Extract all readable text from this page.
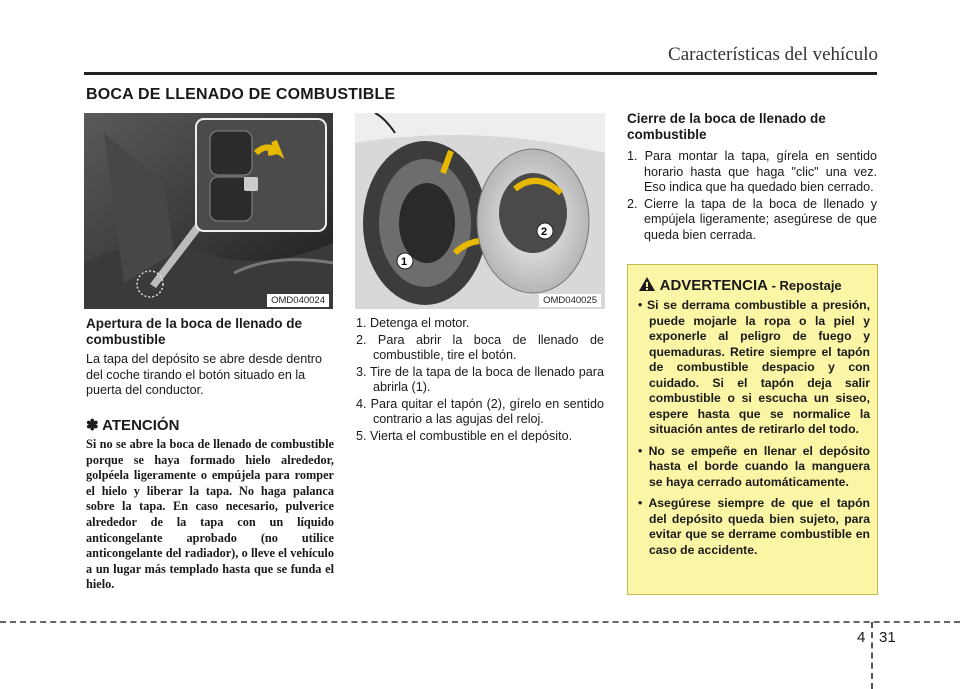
Características del vehículo
BOCA DE LLENADO DE COMBUSTIBLE
OMD040024
1
2
OMD040025
Apertura de la boca de llenado de combustible
La tapa del depósito se abre desde dentro del coche tirando el botón situado en la puerta del conductor.
✽ ATENCIÓN
Si no se abre la boca de llenado de combustible porque se haya formado hielo alrededor, golpéela ligeramente o empújela para romper el hielo y liberar la tapa. No haga palanca sobre la tapa. En caso necesario, pulverice alrededor de la tapa con un líquido anticongelante aprobado (no utilice anticongelante del radiador), o lleve el vehículo a un lugar más templado hasta que se funda el hielo.
1. Detenga el motor.
2. Para abrir la boca de llenado de combustible, tire el botón.
3. Tire de la tapa de la boca de llenado para abrirla (1).
4. Para quitar el tapón (2), gírelo en sentido contrario a las agujas del reloj.
5. Vierta el combustible en el depósito.
Cierre de la boca de llenado de combustible
1. Para montar la tapa, gírela en sentido horario hasta que haga "clic" una vez. Eso indica que ha quedado bien cerrado.
2. Cierre la tapa de la boca de llenado y empújela ligeramente; asegúrese de que queda bien cerrada.
ADVERTENCIA - Repostaje
• Si se derrama combustible a presión, puede mojarle la ropa o la piel y exponerle al peligro de fuego y quemaduras. Retire siempre el tapón de combustible despacio y con cuidado. Si el tapón deja salir combustible o si escucha un siseo, espere hasta que se normalice la situación antes de retirarlo del todo.
• No se empeñe en llenar el depósito hasta el borde cuando la manguera se haya cerrado automáticamente.
• Asegúrese siempre de que el tapón del depósito queda bien sujeto, para evitar que se derrame combustible en caso de accidente.
4 31
